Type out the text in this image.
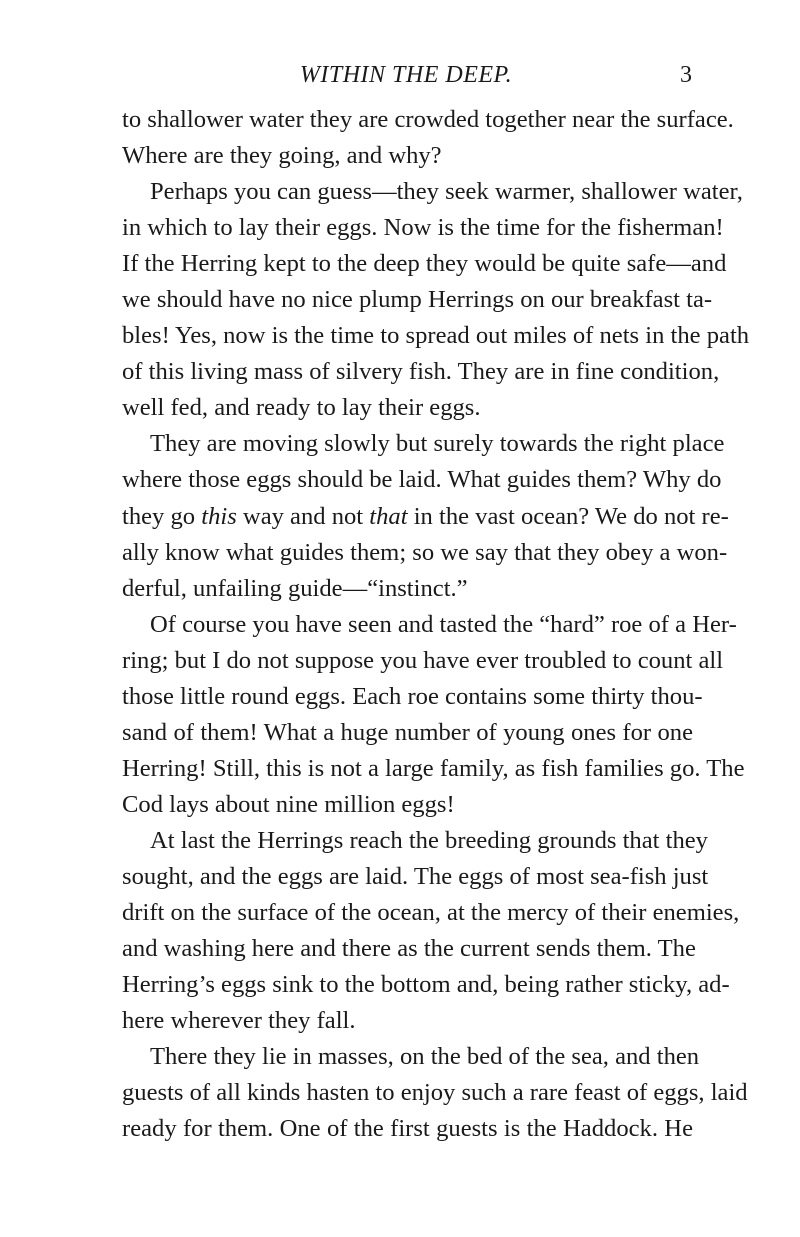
WITHIN THE DEEP.	3
to shallower water they are crowded together near the surface.
Where are they going, and why?
Perhaps you can guess—they seek warmer, shallower water,
in which to lay their eggs. Now is the time for the fisherman!
If the Herring kept to the deep they would be quite safe—and
we should have no nice plump Herrings on our breakfast ta-
bles! Yes, now is the time to spread out miles of nets in the path
of this living mass of silvery fish. They are in fine condition,
well fed, and ready to lay their eggs.
They are moving slowly but surely towards the right place
where those eggs should be laid. What guides them? Why do
they go this way and not that in the vast ocean? We do not re-
ally know what guides them; so we say that they obey a won-
derful, unfailing guide—“instinct.”
Of course you have seen and tasted the “hard” roe of a Her-
ring; but I do not suppose you have ever troubled to count all
those little round eggs. Each roe contains some thirty thou-
sand of them! What a huge number of young ones for one
Herring! Still, this is not a large family, as fish families go. The
Cod lays about nine million eggs!
At last the Herrings reach the breeding grounds that they
sought, and the eggs are laid. The eggs of most sea-fish just
drift on the surface of the ocean, at the mercy of their enemies,
and washing here and there as the current sends them. The
Herring’s eggs sink to the bottom and, being rather sticky, ad-
here wherever they fall.
There they lie in masses, on the bed of the sea, and then
guests of all kinds hasten to enjoy such a rare feast of eggs, laid
ready for them. One of the first guests is the Haddock. He
